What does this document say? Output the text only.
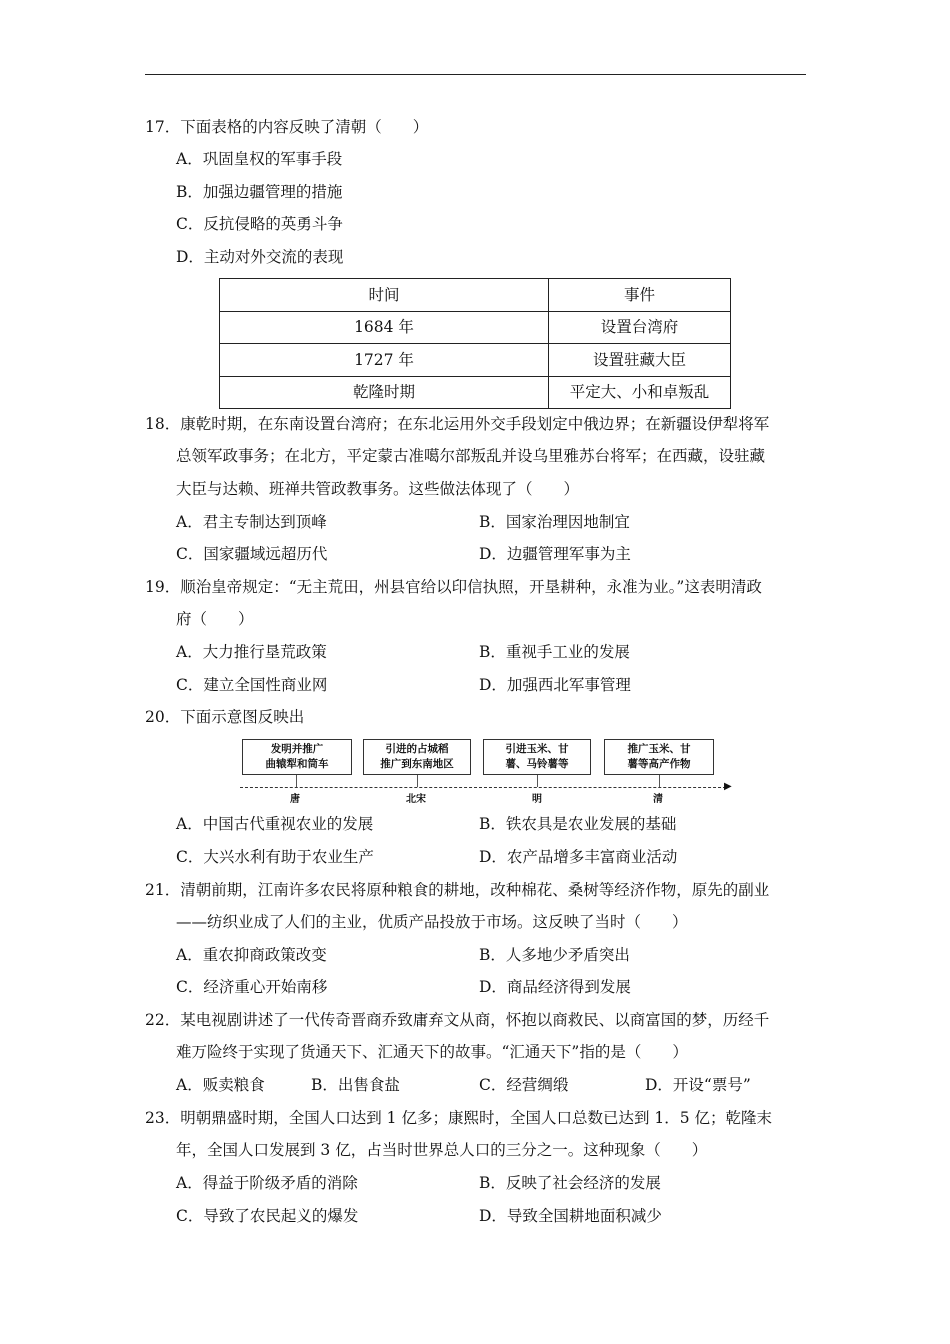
17．下面表格的内容反映了清朝（　　）
A．巩固皇权的军事手段
B．加强边疆管理的措施
C．反抗侵略的英勇斗争
D．主动对外交流的表现
时间	事件
1684 年	设置台湾府
1727 年	设置驻藏大臣
乾隆时期	平定大、小和卓叛乱
18．康乾时期，在东南设置台湾府；在东北运用外交手段划定中俄边界；在新疆设伊犁将军
总领军政事务；在北方，平定蒙古准噶尔部叛乱并设乌里雅苏台将军；在西藏，设驻藏
大臣与达赖、班禅共管政教事务。这些做法体现了（　　）
A．君主专制达到顶峰	B．国家治理因地制宜
C．国家疆域远超历代	D．边疆管理军事为主
19．顺治皇帝规定：“无主荒田，州县官给以印信执照，开垦耕种，永准为业。”这表明清政
府（　　）
A．大力推行垦荒政策	B．重视手工业的发展
C．建立全国性商业网	D．加强西北军事管理
20．下面示意图反映出
发明并推广
曲辕犁和筒车
引进的占城稻
推广到东南地区
引进玉米、甘
薯、马铃薯等
推广玉米、甘
薯等高产作物
▶
唐	北宋	明	清
A．中国古代重视农业的发展	B．铁农具是农业发展的基础
C．大兴水利有助于农业生产	D．农产品增多丰富商业活动
21．清朝前期，江南许多农民将原种粮食的耕地，改种棉花、桑树等经济作物，原先的副业
——纺织业成了人们的主业，优质产品投放于市场。这反映了当时（　　）
A．重农抑商政策改变	B．人多地少矛盾突出
C．经济重心开始南移	D．商品经济得到发展
22．某电视剧讲述了一代传奇晋商乔致庸弃文从商，怀抱以商救民、以商富国的梦，历经千
难万险终于实现了货通天下、汇通天下的故事。“汇通天下”指的是（　　）
A．贩卖粮食	B．出售食盐	C．经营绸缎	D．开设“票号”
23．明朝鼎盛时期，全国人口达到 1 亿多；康熙时，全国人口总数已达到 1．5 亿；乾隆末
年，全国人口发展到 3 亿，占当时世界总人口的三分之一。这种现象（　　）
A．得益于阶级矛盾的消除	B．反映了社会经济的发展
C．导致了农民起义的爆发	D．导致全国耕地面积减少
